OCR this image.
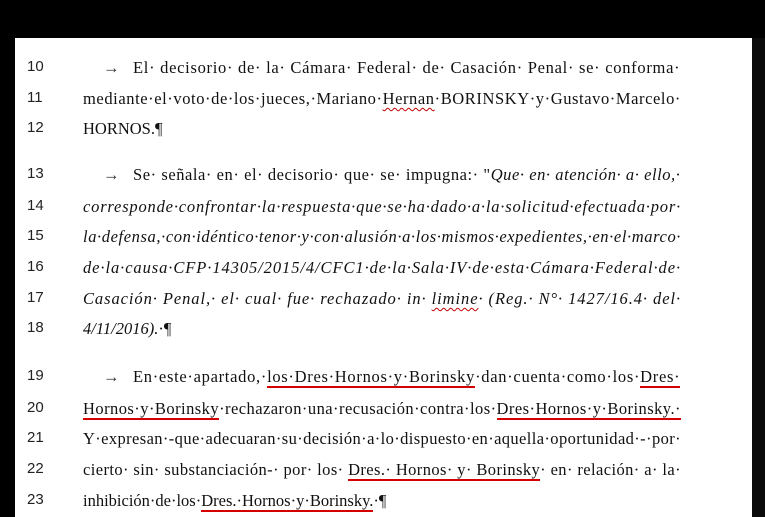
10	→ El· decisorio· de· la· Cámara· Federal· de· Casación· Penal· se· conforma·
11	mediante·el·voto·de·los·jueces,·Mariano·Hernan·BORINSKY·y·Gustavo·Marcelo·
12	HORNOS.¶
13	→ Se· señala· en· el· decisorio· que· se· impugna:· "Que· en· atención· a· ello,·
14	corresponde·confrontar·la·respuesta·que·se·ha·dado·a·la·solicitud·efectuada·por·
15	la·defensa,·con·idéntico·tenor·y·con·alusión·a·los·mismos·expedientes,·en·el·marco·
16	de·la·causa·CFP·14305/2015/4/CFC1·de·la·Sala·IV·de·esta·Cámara·Federal·de·
17	Casación· Penal,· el· cual· fue· rechazado· in· limine· (Reg.· N°· 1427/16.4· del·
18	4/11/2016).·¶
19	→ En·este·apartado,·los·Dres·Hornos·y·Borinsky·dan·cuenta·como·los·Dres·
20	Hornos·y·Borinsky·rechazaron·una·recusación·contra·los·Dres·Hornos·y·Borinsky.·
21	Y·expresan·-que·adecuaran·su·decisión·a·lo·dispuesto·en·aquella·oportunidad·-·por·
22	cierto· sin· substanciación-· por· los· Dres.· Hornos· y· Borinsky· en· relación· a· la·
23	inhibición·de·los·Dres.·Hornos·y·Borinsky.·¶
